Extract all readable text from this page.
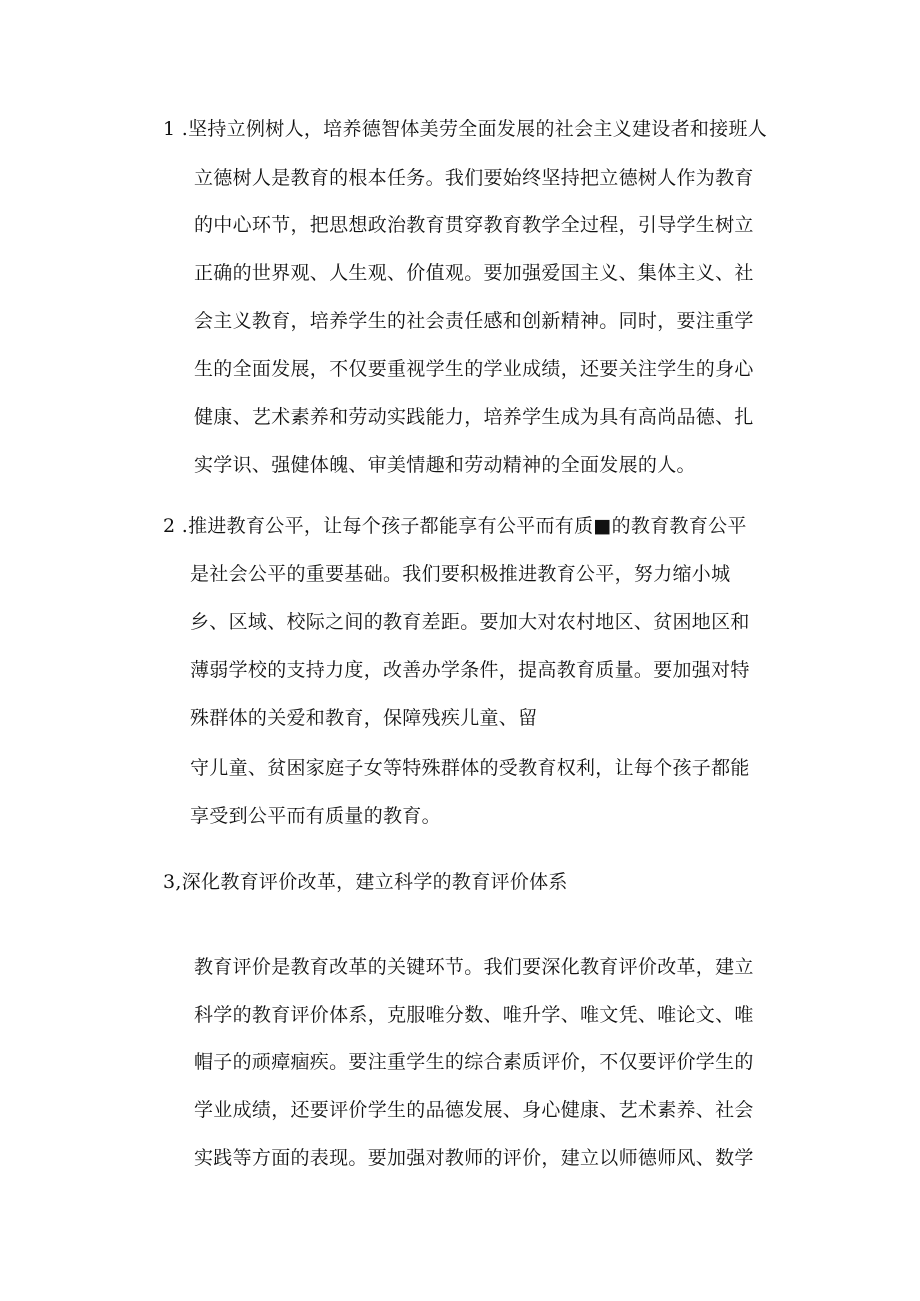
1 .坚持立例树人，培养德智体美劳全面发展的社会主义建设者和接班人
立德树人是教育的根本任务。我们要始终坚持把立德树人作为教育
的中心环节，把思想政治教育贯穿教育教学全过程，引导学生树立
正确的世界观、人生观、价值观。要加强爱国主义、集体主义、社
会主义教育，培养学生的社会责任感和创新精神。同时，要注重学
生的全面发展，不仅要重视学生的学业成绩，还要关注学生的身心
健康、艺术素养和劳动实践能力，培养学生成为具有高尚品德、扎
实学识、强健体魄、审美情趣和劳动精神的全面发展的人。
2 .推进教育公平，让每个孩子都能享有公平而有质■的教育教育公平
是社会公平的重要基础。我们要积极推进教育公平，努力缩小城
乡、区域、校际之间的教育差距。要加大对农村地区、贫困地区和
薄弱学校的支持力度，改善办学条件，提高教育质量。要加强对特
殊群体的关爱和教育，保障残疾儿童、留
守儿童、贫困家庭子女等特殊群体的受教育权利，让每个孩子都能
享受到公平而有质量的教育。
3,深化教育评价改革，建立科学的教育评价体系
教育评价是教育改革的关键环节。我们要深化教育评价改革，建立
科学的教育评价体系，克服唯分数、唯升学、唯文凭、唯论文、唯
帽子的顽瘴痼疾。要注重学生的综合素质评价，不仅要评价学生的
学业成绩，还要评价学生的品德发展、身心健康、艺术素养、社会
实践等方面的表现。要加强对教师的评价，建立以师德师风、数学
